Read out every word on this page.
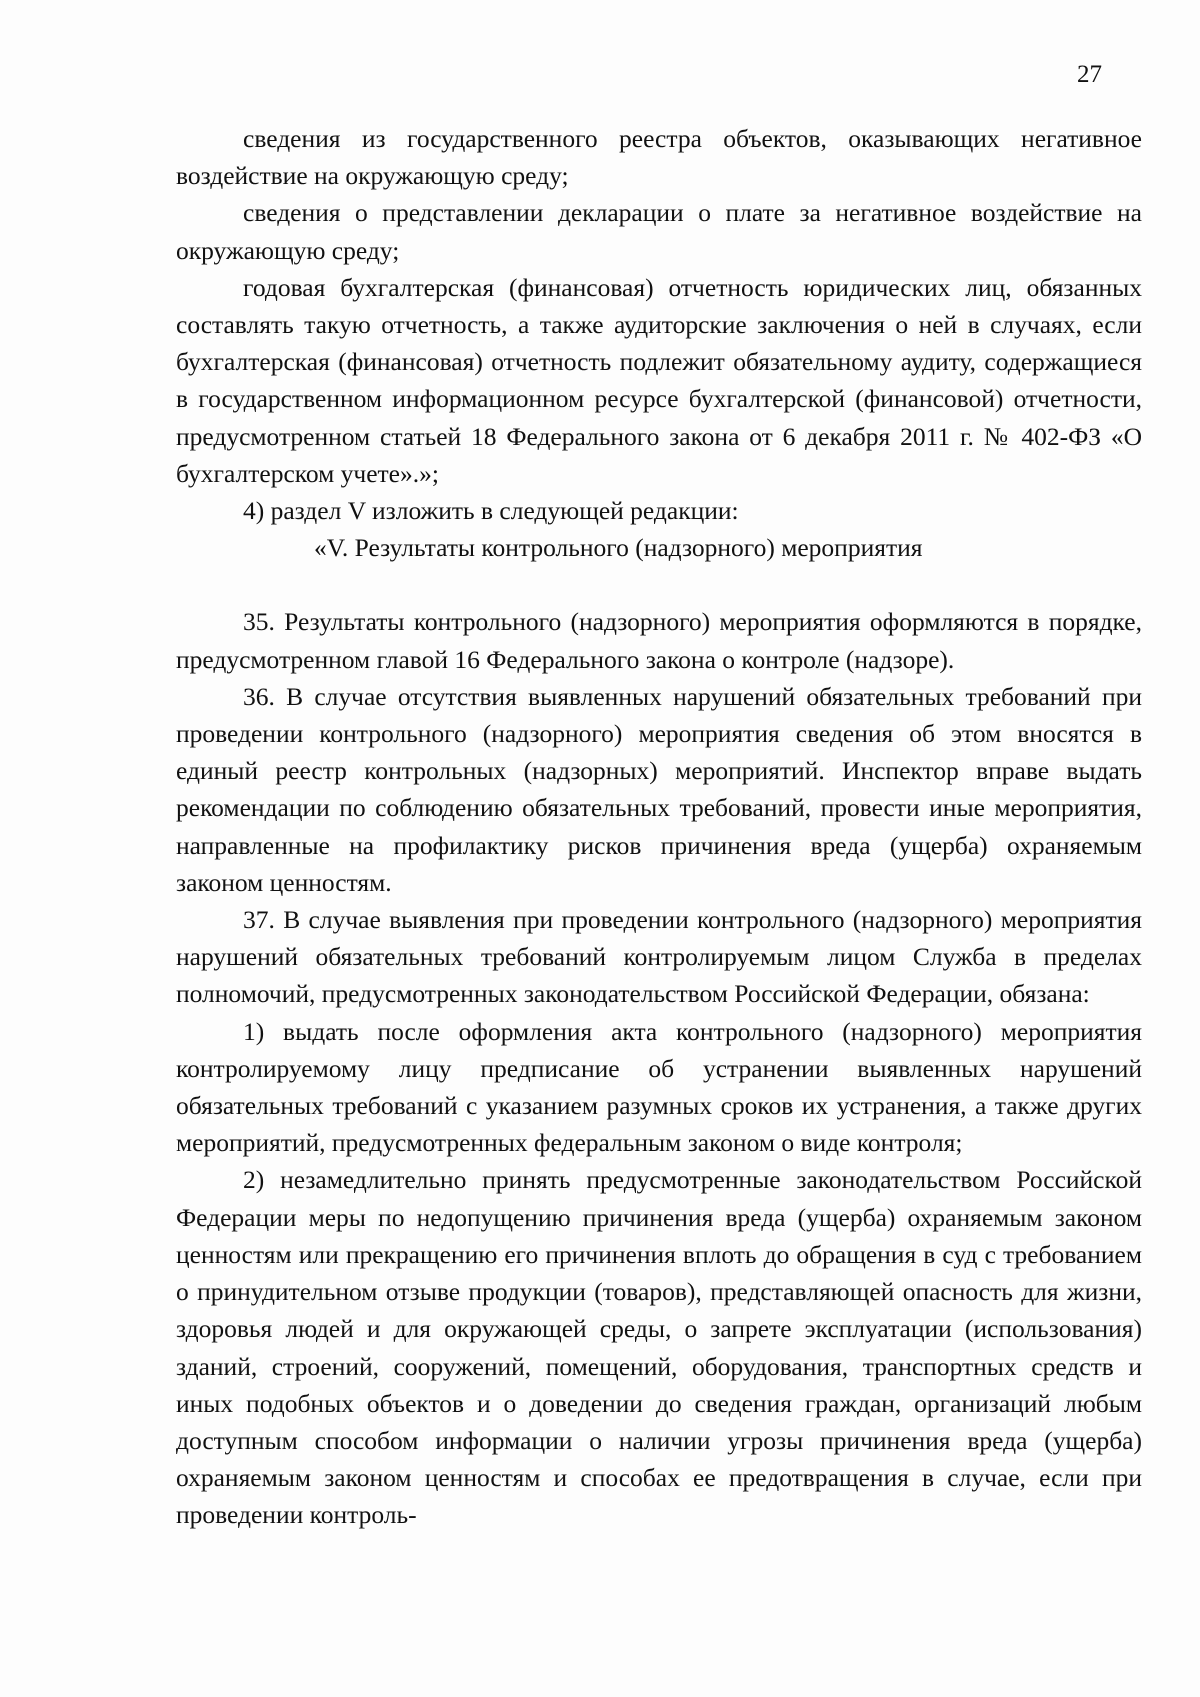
27

сведения из государственного реестра объектов, оказывающих негативное воздействие на окружающую среду;

сведения о представлении декларации о плате за негативное воздействие на окружающую среду;

годовая бухгалтерская (финансовая) отчетность юридических лиц, обязанных составлять такую отчетность, а также аудиторские заключения о ней в случаях, если бухгалтерская (финансовая) отчетность подлежит обязательному аудиту, содержащиеся в государственном информационном ресурсе бухгалтерской (финансовой) отчетности, предусмотренном статьей 18 Федерального закона от 6 декабря 2011 г. № 402-ФЗ «О бухгалтерском учете».»;

4) раздел V изложить в следующей редакции:

«V. Результаты контрольного (надзорного) мероприятия

35. Результаты контрольного (надзорного) мероприятия оформляются в порядке, предусмотренном главой 16 Федерального закона о контроле (надзоре).

36. В случае отсутствия выявленных нарушений обязательных требований при проведении контрольного (надзорного) мероприятия сведения об этом вносятся в единый реестр контрольных (надзорных) мероприятий. Инспектор вправе выдать рекомендации по соблюдению обязательных требований, провести иные мероприятия, направленные на профилактику рисков причинения вреда (ущерба) охраняемым законом ценностям.

37. В случае выявления при проведении контрольного (надзорного) мероприятия нарушений обязательных требований контролируемым лицом Служба в пределах полномочий, предусмотренных законодательством Российской Федерации, обязана:

1) выдать после оформления акта контрольного (надзорного) мероприятия контролируемому лицу предписание об устранении выявленных нарушений обязательных требований с указанием разумных сроков их устранения, а также других мероприятий, предусмотренных федеральным законом о виде контроля;

2) незамедлительно принять предусмотренные законодательством Российской Федерации меры по недопущению причинения вреда (ущерба) охраняемым законом ценностям или прекращению его причинения вплоть до обращения в суд с требованием о принудительном отзыве продукции (товаров), представляющей опасность для жизни, здоровья людей и для окружающей среды, о запрете эксплуатации (использования) зданий, строений, сооружений, помещений, оборудования, транспортных средств и иных подобных объектов и о доведении до сведения граждан, организаций любым доступным способом информации о наличии угрозы причинения вреда (ущерба) охраняемым законом ценностям и способах ее предотвращения в случае, если при проведении контроль-
